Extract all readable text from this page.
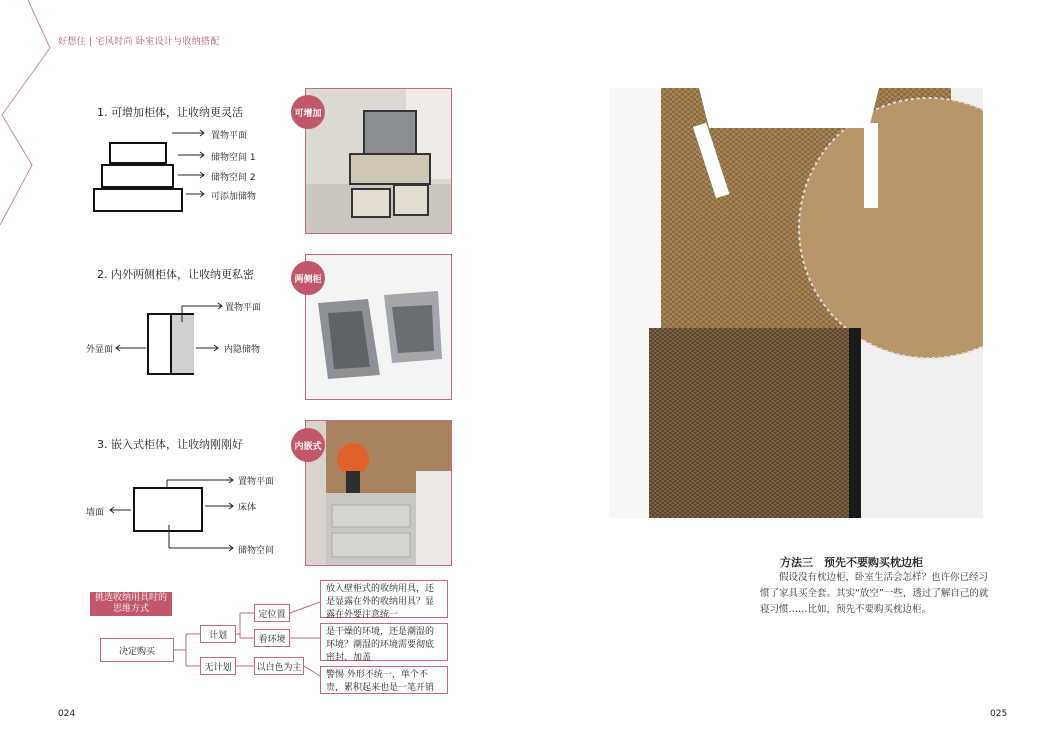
好想住 | 宅风时尚 卧室设计与收纳搭配
1. 可增加柜体，让收纳更灵活
置物平面
储物空间 1
储物空间 2
可添加储物
可增加
2. 内外两侧柜体，让收纳更私密
置物平面
外显面	内隐储物
两侧柜
3. 嵌入式柜体，让收纳刚刚好
置物平面
墙面	床体
储物空间
内嵌式
挑选收纳用具时的思维方式
决定购买
计划
无计划
定位置
看环境
以白色为主
放入壁柜式的收纳用具，还是显露在外的收纳用具？显露在外要注意统一
是干燥的环境，还是潮湿的环境？潮湿的环境需要彻底密封、加盖
警惕 外形不统一，单个不贵，累积起来也是一笔开销
024
方法三　预先不要购买枕边柜
假设没有枕边柜，卧室生活会怎样？也许你已经习惯了家具买全套。其实“放空”一些，透过了解自己的就寝习惯……比如，预先不要购买枕边柜。
025
